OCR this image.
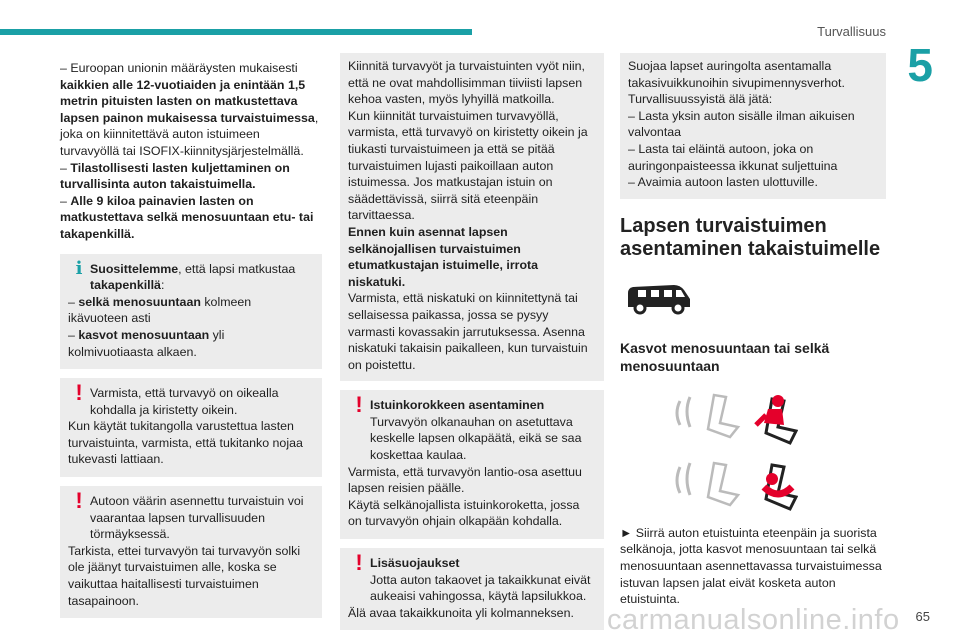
Turvallisuus
5

– Euroopan unionin määräysten mukaisesti kaikkien alle 12-vuotiaiden ja enintään 1,5 metrin pituisten lasten on matkustettava lapsen painon mukaisessa turvaistuimessa, joka on kiinnitettävä auton istuimeen turvavyöllä tai ISOFIX-kiinnitysjärjestelmällä.

– Tilastollisesti lasten kuljettaminen on turvallisinta auton takaistuimella.

– Alle 9 kiloa painavien lasten on matkustettava selkä menosuuntaan etu- tai takapenkillä.

i Suosittelemme, että lapsi matkustaa takapenkillä:

– selkä menosuuntaan kolmeen ikävuoteen asti

– kasvot menosuuntaan yli kolmivuotiaasta alkaen.

! Varmista, että turvavyö on oikealla kohdalla ja kiristetty oikein.

Kun käytät tukitangolla varustettua lasten turvaistuinta, varmista, että tukitanko nojaa tukevasti lattiaan.

! Autoon väärin asennettu turvaistuin voi vaarantaa lapsen turvallisuuden törmäyksessä.

Tarkista, ettei turvavyön tai turvavyön solki ole jäänyt turvaistuimen alle, koska se vaikuttaa haitallisesti turvaistuimen tasapainoon.

Kiinnitä turvavyöt ja turvaistuinten vyöt niin, että ne ovat mahdollisimman tiiviisti lapsen kehoa vasten, myös lyhyillä matkoilla.

Kun kiinnität turvaistuimen turvavyöllä, varmista, että turvavyö on kiristetty oikein ja tiukasti turvaistuimeen ja että se pitää turvaistuimen lujasti paikoillaan auton istuimessa. Jos matkustajan istuin on säädettävissä, siirrä sitä eteenpäin tarvittaessa.

Ennen kuin asennat lapsen selkänojallisen turvaistuimen etumatkustajan istuimelle, irrota niskatuki.

Varmista, että niskatuki on kiinnitettynä tai sellaisessa paikassa, jossa se pysyy varmasti kovassakin jarrutuksessa. Asenna niskatuki takaisin paikalleen, kun turvaistuin on poistettu.

! Istuinkorokkeen asentaminen
Turvavyön olkanauhan on asetuttava keskelle lapsen olkapäätä, eikä se saa koskettaa kaulaa.

Varmista, että turvavyön lantio-osa asettuu lapsen reisien päälle.

Käytä selkänojallista istuinkoroketta, jossa on turvavyön ohjain olkapään kohdalla.

! Lisäsuojaukset
Jotta auton takaovet ja takaikkunat eivät aukeaisi vahingossa, käytä lapsilukkoa.

Älä avaa takaikkunoita yli kolmanneksen.

Suojaa lapset auringolta asentamalla takasivuikkunoihin sivupimennysverhot.

Turvallisuussyistä älä jätä:

– Lasta yksin auton sisälle ilman aikuisen valvontaa

– Lasta tai eläintä autoon, joka on auringonpaisteessa ikkunat suljettuina

– Avaimia autoon lasten ulottuville.

Lapsen turvaistuimen asentaminen takaistuimelle
Kasvot menosuuntaan tai selkä menosuuntaan

► Siirrä auton etuistuinta eteenpäin ja suorista selkänoja, jotta kasvot menosuuntaan tai selkä menosuuntaan asennettavassa turvaistuimessa istuvan lapsen jalat eivät kosketa auton etuistuinta.

carmanualsonline.info 65
